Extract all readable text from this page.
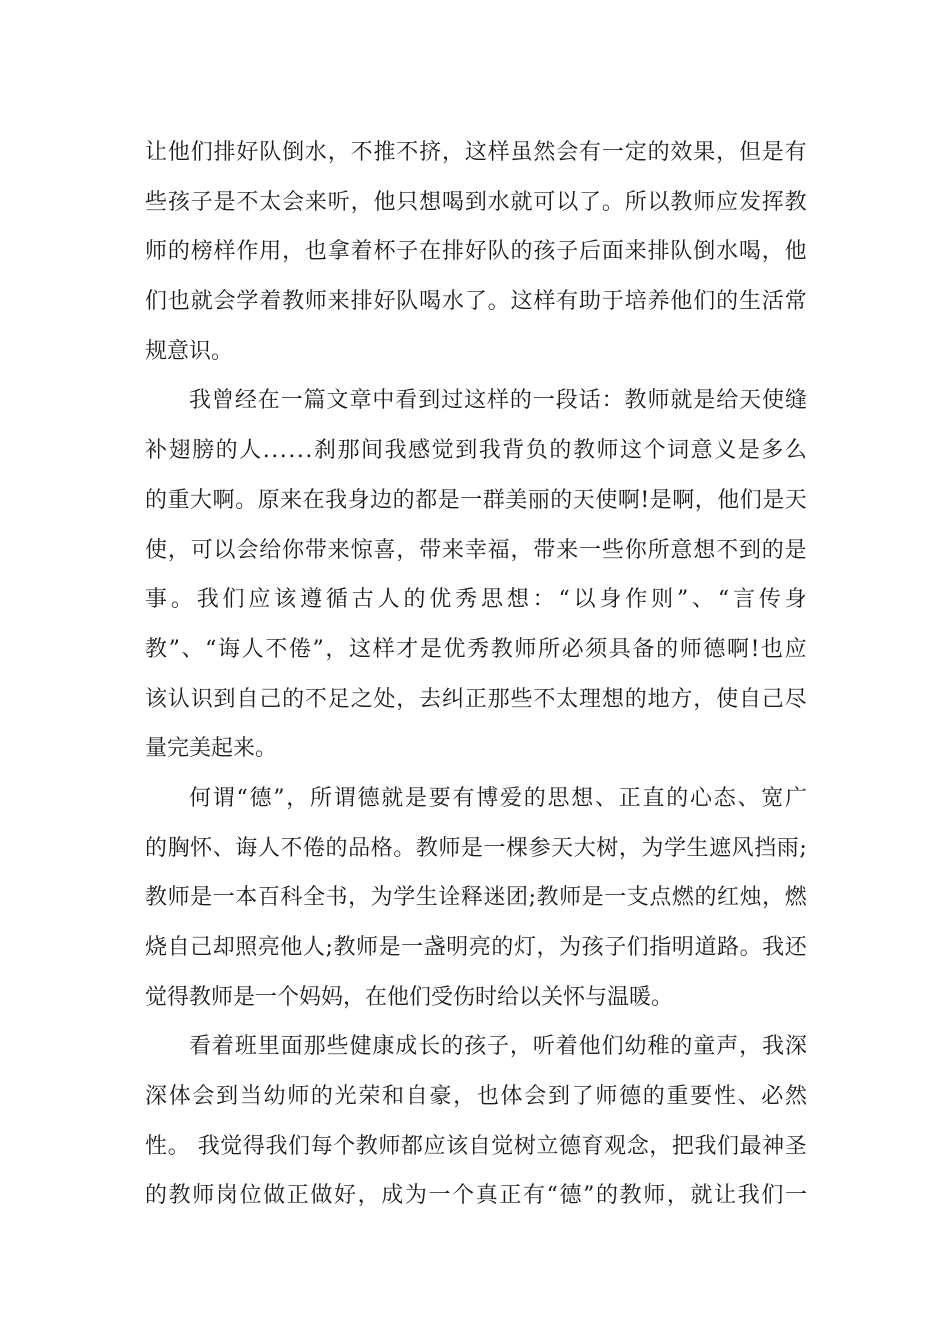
让 他 们 排 好 队 倒 水 ， 不 推 不 挤 ， 这 样 虽 然 会 有 一 定 的 效 果 ， 但 是 有
些 孩 子 是 不 太 会 来 听 ， 他 只 想 喝 到 水 就 可 以 了 。 所 以 教 师 应 发 挥 教
师 的 榜 样 作 用 ， 也 拿 着 杯 子 在 排 好 队 的 孩 子 后 面 来 排 队 倒 水 喝 ， 他
们 也 就 会 学 着 教 师 来 排 好 队 喝 水 了 。 这 样 有 助 于 培 养 他 们 的 生 活 常
规意识。
我 曾 经 在 一 篇 文 章 中 看 到 过 这 样 的 一 段 话 ： 教 师 就 是 给 天 使 缝
补 翅 膀 的 人 . . . . . . 刹 那 间 我 感 觉 到 我 背 负 的 教 师 这 个 词 意 义 是 多 么
的 重 大 啊 。 原 来 在 我 身 边 的 都 是 一 群 美 丽 的 天 使 啊 ! 是 啊 ， 他 们 是 天
使 ， 可 以 会 给 你 带 来 惊 喜 ， 带 来 幸 福 ， 带 来 一 些 你 所 意 想 不 到 的 是
事 。 我 们 应 该 遵 循 古 人 的 优 秀 思 想 ： “ 以 身 作 则 ” 、 “ 言 传 身
教 ” 、 “ 诲 人 不 倦 ” ， 这 样 才 是 优 秀 教 师 所 必 须 具 备 的 师 德 啊 ! 也 应
该 认 识 到 自 己 的 不 足 之 处 ， 去 纠 正 那 些 不 太 理 想 的 地 方 ， 使 自 己 尽
量完美起来。
何 谓 “ 德 ” ， 所 谓 德 就 是 要 有 博 爱 的 思 想 、 正 直 的 心 态 、 宽 广
的 胸 怀 、 诲 人 不 倦 的 品 格 。 教 师 是 一 棵 参 天 大 树 ， 为 学 生 遮 风 挡 雨 ;
教 师 是 一 本 百 科 全 书 ， 为 学 生 诠 释 迷 团 ; 教 师 是 一 支 点 燃 的 红 烛 ， 燃
烧 自 己 却 照 亮 他 人 ; 教 师 是 一 盏 明 亮 的 灯 ， 为 孩 子 们 指 明 道 路 。 我 还
觉得教师是一个妈妈，在他们受伤时给以关怀与温暖。
看 着 班 里 面 那 些 健 康 成 长 的 孩 子 ， 听 着 他 们 幼 稚 的 童 声 ， 我 深
深 体 会 到 当 幼 师 的 光 荣 和 自 豪 ， 也 体 会 到 了 师 德 的 重 要 性 、 必 然
性 。
我 觉 得 我 们 每 个 教 师 都 应 该 自 觉 树 立 德 育 观 念 ， 把 我 们 最 神 圣
的 教 师 岗 位 做 正 做 好 ， 成 为 一 个 真 正 有 “ 德 ” 的 教 师 ， 就 让 我 们 一
